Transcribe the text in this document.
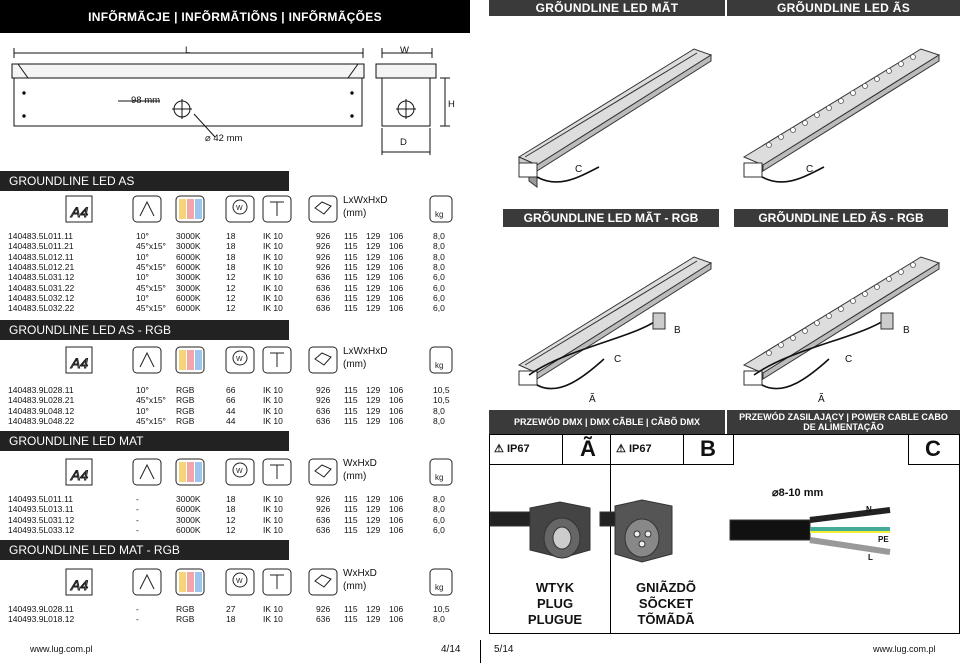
INFÕRMÃCJE | INFÕRMÃTIÕNS | INFÕRMÃÇÕES
L	W
H
D
98 mm
⌀ 42 mm
GROUNDLINE LED AS
A4	W
kg
LxWxHxD
(mm)
140483.5L011.11	10°	3000K	18	IK 10	926 115 129 106	8,0
140483.5L011.21	45°x15° 3000K	18	IK 10	926 115 129 106	8,0
140483.5L012.11	10°	6000K	18	IK 10	926 115 129 106	8,0
140483.5L012.21	45°x15° 6000K	18	IK 10	926 115 129 106	8,0
140483.5L031.12	10°	3000K	12	IK 10	636 115 129 106	6,0
140483.5L031.22	45°x15° 3000K	12	IK 10	636 115 129 106	6,0
140483.5L032.12	10°	6000K	12	IK 10	636 115 129 106	6,0
140483.5L032.22	45°x15° 6000K	12	IK 10	636 115 129 106	6,0
GROUNDLINE LED AS - RGB
A4	W
kg
LxWxHxD
(mm)
140483.9L028.11	10°	RGB	66	IK 10	926 115 129 106	10,5
140483.9L028.21	45°x15° RGB	66	IK 10	926 115 129 106	10,5
140483.9L048.12	10°	RGB	44	IK 10	636 115 129 106	8,0
140483.9L048.22	45°x15° RGB	44	IK 10	636 115 129 106	8,0
GROUNDLINE LED MAT
A4	W
kg
WxHxD
(mm)
140493.5L011.11	-	3000K	18	IK 10	926 115 129 106	8,0
140493.5L013.11	-	6000K	18	IK 10	926 115 129 106	8,0
140493.5L031.12	-	3000K	12	IK 10	636 115 129 106	6,0
140493.5L033.12	-	6000K	12	IK 10	636 115 129 106	6,0
GROUNDLINE LED MAT - RGB
A4	W
kg
WxHxD
(mm)
140493.9L028.11	-	RGB	27	IK 10	926 115 129 106	10,5
140493.9L018.12	-	RGB	18	IK 10	636 115 129 106	8,0
www.lug.com.pl	4/14
GRÕUNDLINE LED MÃT	GRÕUNDLINE LED ÃS
C	C
GRÕUNDLINE LED MÃT - RGB	GRÕUNDLINE LED ÃS - RGB
B	B
C	C
Ã	Ã
PRZEWÓD DMX | DMX CÃBLE | CÃBÕ DMX	PRZEWÓD ZASILAJĄCY | POWER CABLE CABO DE ALIMENTAÇÃO
⚠ IP67 Ã ⚠ IP67 B	C
⌀8-10 mm
N
PE
L
WTYK PLUG PLUGUE
GNIÃZDÕ SÕCKET TÕMÃDÃ
5/14	www.lug.com.pl
